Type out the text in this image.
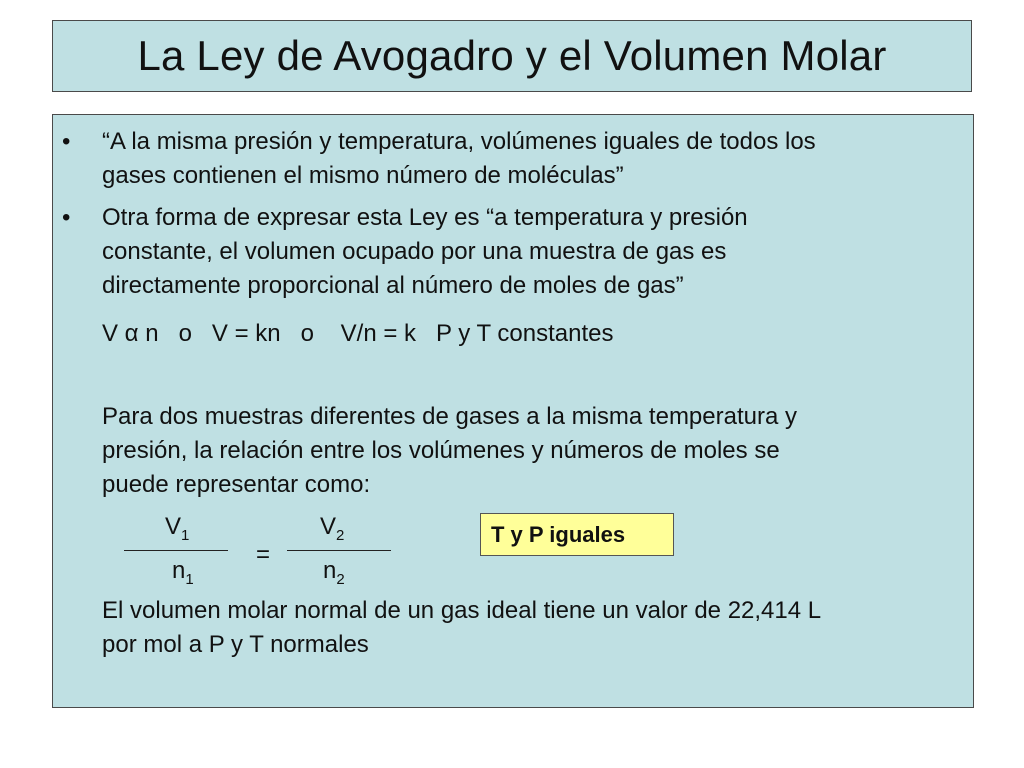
La Ley de Avogadro y el Volumen Molar
• “A la misma presión y temperatura, volúmenes iguales de todos los
gases contienen el mismo número de moléculas”
• Otra forma de expresar esta Ley es “a temperatura y presión
constante, el volumen ocupado por una muestra de gas es
directamente proporcional al número de moles de gas”
V α n   o   V = kn   o    V/n = k   P y T constantes
Para dos muestras diferentes de gases a la misma temperatura y
presión, la relación entre los volúmenes y números de moles se
puede representar como:
$V_1$
$n_1$
=
$V_2$
$n_2$
T y P iguales
El volumen molar normal de un gas ideal tiene un valor de 22,414 L
por mol a P y T normales
